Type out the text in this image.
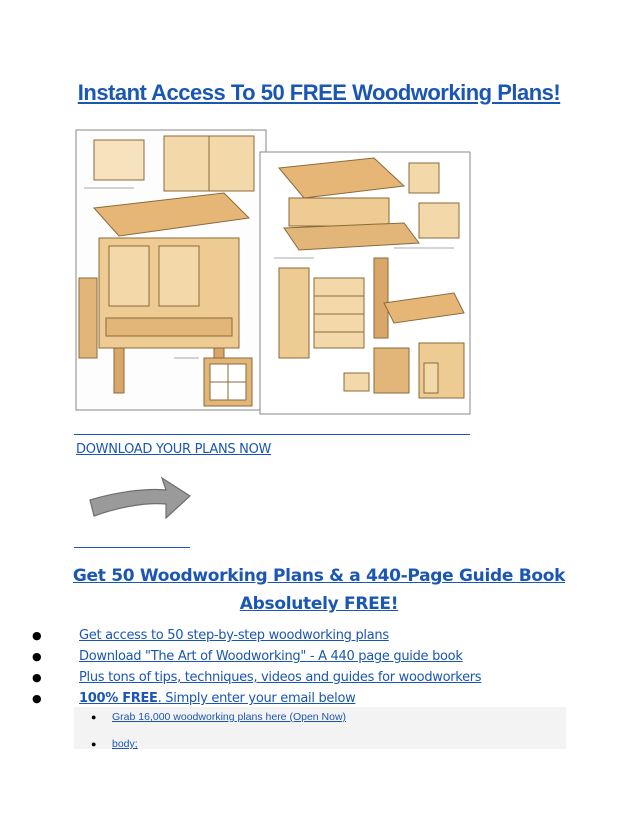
Instant Access To 50 FREE Woodworking Plans!
DOWNLOAD YOUR PLANS NOW
Get 50 Woodworking Plans & a 440-Page Guide Book Absolutely FREE!
●	Get access to 50 step-by-step woodworking plans
●	Download "The Art of Woodworking" - A 440 page guide book
●	Plus tons of tips, techniques, videos and guides for woodworkers
●	100% FREE. Simply enter your email below
● Grab 16,000 woodworking plans here (Open Now)
● body;
